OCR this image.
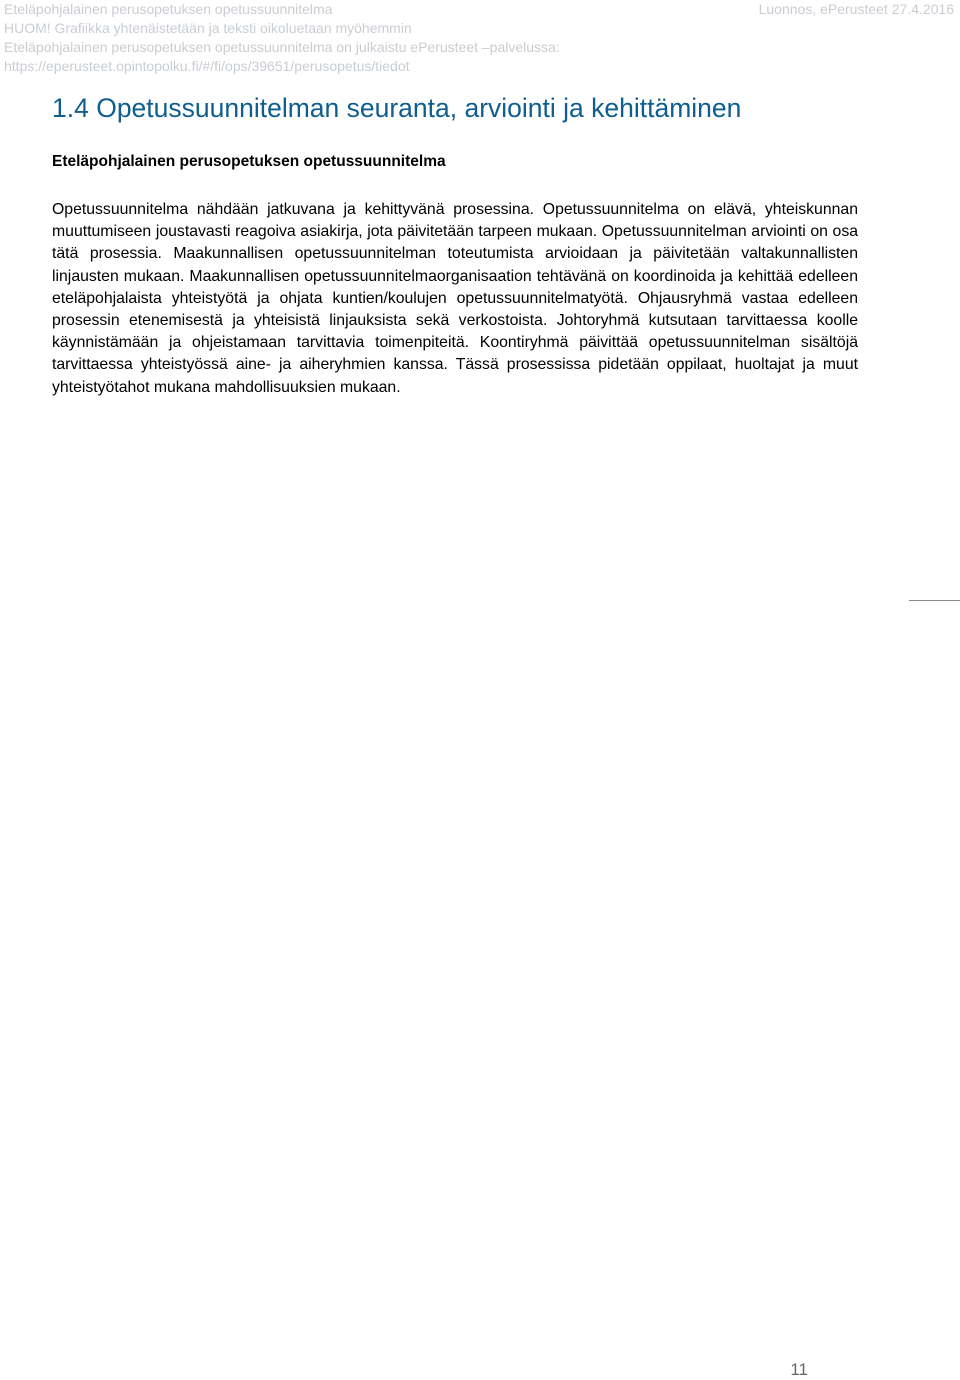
Eteläpohjalainen perusopetuksen opetussuunnitelma	Luonnos, ePerusteet 27.4.2016
HUOM! Grafiikka yhtenäistetään ja teksti oikoluetaan myöhemmin
Eteläpohjalainen perusopetuksen opetussuunnitelma on julkaistu ePerusteet –palvelussa:
https://eperusteet.opintopolku.fi/#/fi/ops/39651/perusopetus/tiedot
1.4 Opetussuunnitelman seuranta, arviointi ja kehittäminen
Eteläpohjalainen perusopetuksen opetussuunnitelma

Opetussuunnitelma nähdään jatkuvana ja kehittyvänä prosessina. Opetussuunnitelma on elävä, yhteiskunnan muuttumiseen joustavasti reagoiva asiakirja, jota päivitetään tarpeen mukaan. Opetussuunnitelman arviointi on osa tätä prosessia. Maakunnallisen opetussuunnitelman toteutumista arvioidaan ja päivitetään valtakunnallisten linjausten mukaan. Maakunnallisen opetussuunnitelmaorganisaation tehtävänä on koordinoida ja kehittää edelleen eteläpohjalaista yhteistyötä ja ohjata kuntien/koulujen opetussuunnitelmatyötä. Ohjausryhmä vastaa edelleen prosessin etenemisestä ja yhteisistä linjauksista sekä verkostoista. Johtoryhmä kutsutaan tarvittaessa koolle käynnistämään ja ohjeistamaan tarvittavia toimenpiteitä. Koontiryhmä päivittää opetussuunnitelman sisältöjä tarvittaessa yhteistyössä aine- ja aiheryhmien kanssa. Tässä prosessissa pidetään oppilaat, huoltajat ja muut yhteistyötahot mukana mahdollisuuksien mukaan.

11
